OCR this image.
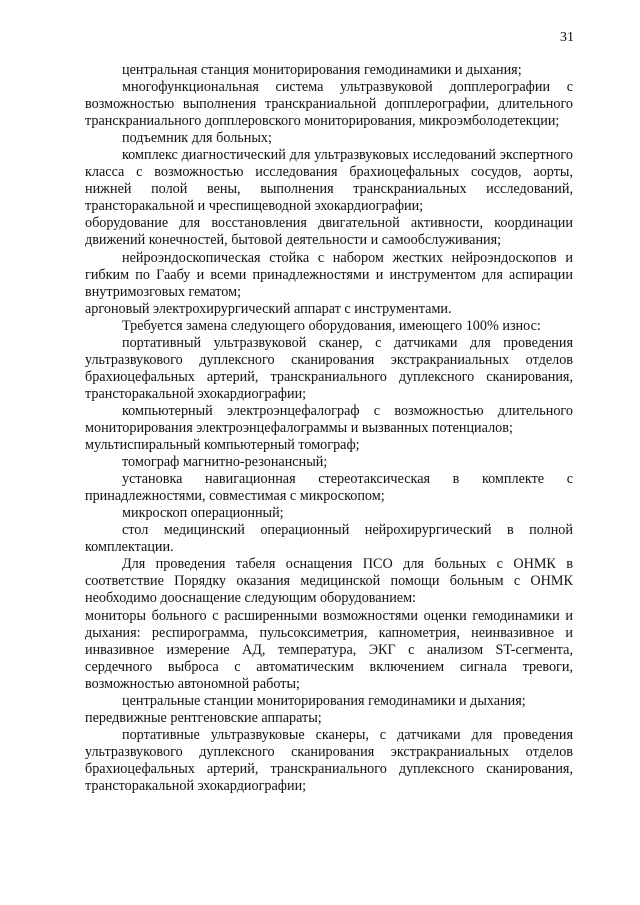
31

центральная станция мониторирования гемодинамики и дыхания;

многофункциональная система ультразвуковой допплерографии с возможностью выполнения транскраниальной допплерографии, длительного транскраниального допплеровского мониторирования, микроэмболодетекции;

подъемник для больных;

комплекс диагностический для ультразвуковых исследований экспертного класса с возможностью исследования брахиоцефальных сосудов, аорты, нижней полой вены, выполнения транскраниальных исследований, трансторакальной и чреспищеводной эхокардиографии;

оборудование для восстановления двигательной активности, координации движений конечностей, бытовой деятельности и самообслуживания;

нейроэндоскопическая стойка с набором жестких нейроэндоскопов и гибким по Гаабу и всеми принадлежностями и инструментом для аспирации внутримозговых гематом;

аргоновый электрохирургический аппарат с инструментами.

Требуется замена следующего оборудования, имеющего 100% износ:

портативный ультразвуковой сканер, с датчиками для проведения ультразвукового дуплексного сканирования экстракраниальных отделов брахиоцефальных артерий, транскраниального дуплексного сканирования, трансторакальной эхокардиографии;

компьютерный электроэнцефалограф с возможностью длительного мониторирования электроэнцефалограммы и вызванных потенциалов;

мультиспиральный компьютерный томограф;

томограф магнитно-резонансный;

установка навигационная стереотаксическая в комплекте с принадлежностями, совместимая с микроскопом;

микроскоп операционный;

стол медицинский операционный нейрохирургический в полной комплектации.

Для проведения табеля оснащения ПСО для больных с ОНМК в соответствие Порядку оказания медицинской помощи больным с ОНМК необходимо дооснащение следующим оборудованием:

мониторы больного с расширенными возможностями оценки гемодинамики и дыхания: респирограмма, пульсоксиметрия, капнометрия, неинвазивное и инвазивное измерение АД, температура, ЭКГ с анализом ST-сегмента, сердечного выброса с автоматическим включением сигнала тревоги, возможностью автономной работы;

центральные станции мониторирования гемодинамики и дыхания;

передвижные рентгеновские аппараты;

портативные ультразвуковые сканеры, с датчиками для проведения ультразвукового дуплексного сканирования экстракраниальных отделов брахиоцефальных артерий, транскраниального дуплексного сканирования, трансторакальной эхокардиографии;
